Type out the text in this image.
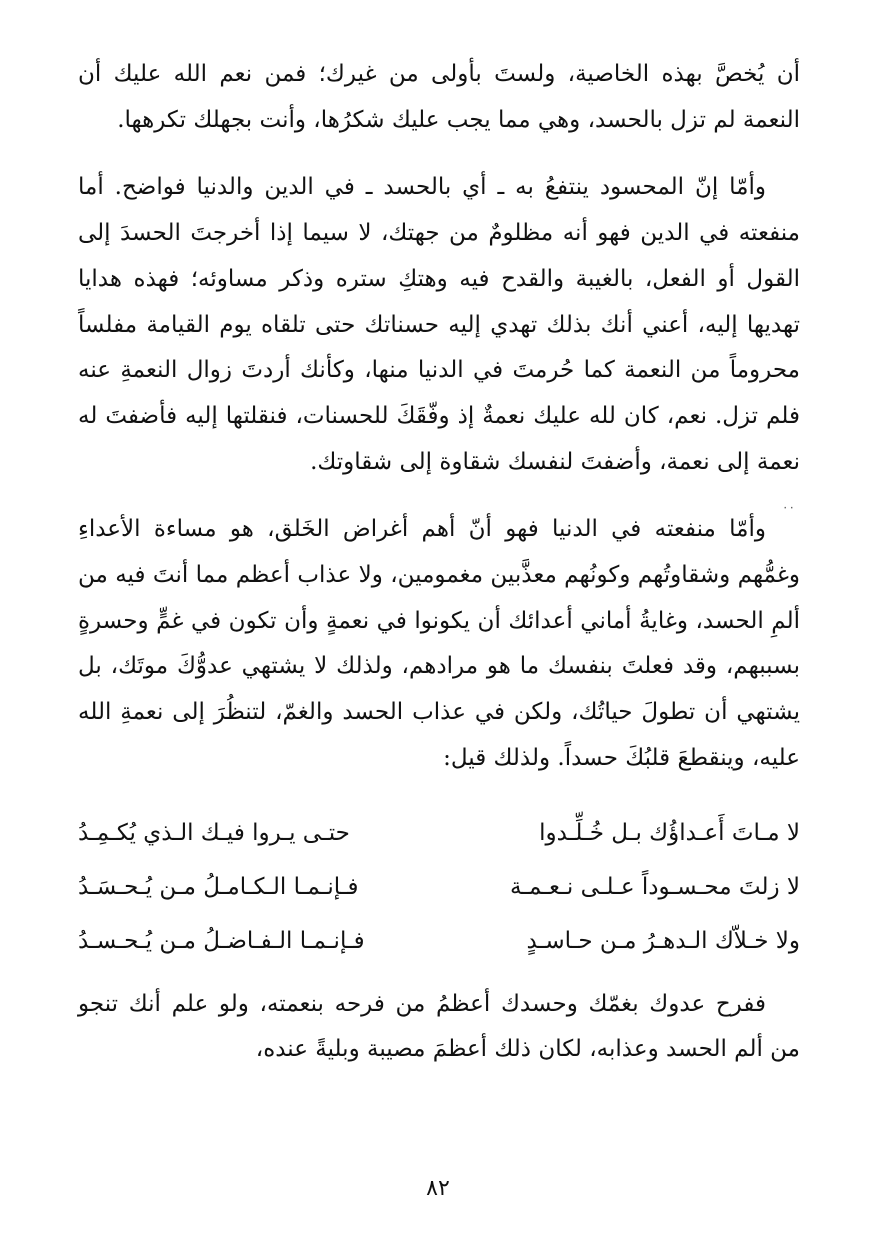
أن يُخصَّ بهذه الخاصية، ولستَ بأولى من غيرك؛ فمن نعم الله عليك أن النعمة لم تزل بالحسد، وهي مما يجب عليك شكرُها، وأنت بجهلك تكرهها.

وأمّا إنّ المحسود ينتفعُ به ـ أي بالحسد ـ في الدين والدنيا فواضح. أما منفعته في الدين فهو أنه مظلومٌ من جهتك، لا سيما إذا أخرجتَ الحسدَ إلى القول أو الفعل، بالغيبة والقدح فيه وهتكِ ستره وذكر مساوئه؛ فهذه هدايا تهديها إليه، أعني أنك بذلك تهدي إليه حسناتك حتى تلقاه يوم القيامة مفلساً محروماً من النعمة كما حُرمتَ في الدنيا منها، وكأنك أردتَ زوال النعمةِ عنه فلم تزل. نعم، كان لله عليك نعمةٌ إذ وفّقَكَ للحسنات، فنقلتها إليه فأضفتَ له نعمة إلى نعمة، وأضفتَ لنفسك شقاوة إلى شقاوتك.

وأمّا منفعته في الدنيا فهو أنّ أهم أغراض الخَلق، هو مساءة الأعداءِ وغمُّهم وشقاوتُهم وكونُهم معذَّبين مغمومين، ولا عذاب أعظم مما أنتَ فيه من ألمِ الحسد، وغايةُ أماني أعدائك أن يكونوا في نعمةٍ وأن تكون في غمٍّ وحسرةٍ بسببهم، وقد فعلتَ بنفسك ما هو مرادهم، ولذلك لا يشتهي عدوُّكَ موتَك، بل يشتهي أن تطولَ حياتُك، ولكن في عذاب الحسد والغمّ، لتنظُرَ إلى نعمةِ الله عليه، وينقطعَ قلبُكَ حسداً. ولذلك قيل:

لا مـاتَ أَعـداؤُك بـل خُـلِّـدوا
حتـى يـروا فيـك الـذي يُكـمِـدُ
لا زلتَ محـسـوداً عـلـى نـعـمـة
فـإنـمـا الـكـامـلُ مـن يُـحـسَـدُ
ولا خـلاّك الـدهـرُ مـن حـاسـدٍ
فـإنـمـا الـفـاضـلُ مـن يُـحـسـدُ

ففرح عدوك بغمّك وحسدك أعظمُ من فرحه بنعمته، ولو علم أنك تنجو من ألم الحسد وعذابه، لكان ذلك أعظمَ مصيبة وبليةً عنده،

٠٠
٨٢
